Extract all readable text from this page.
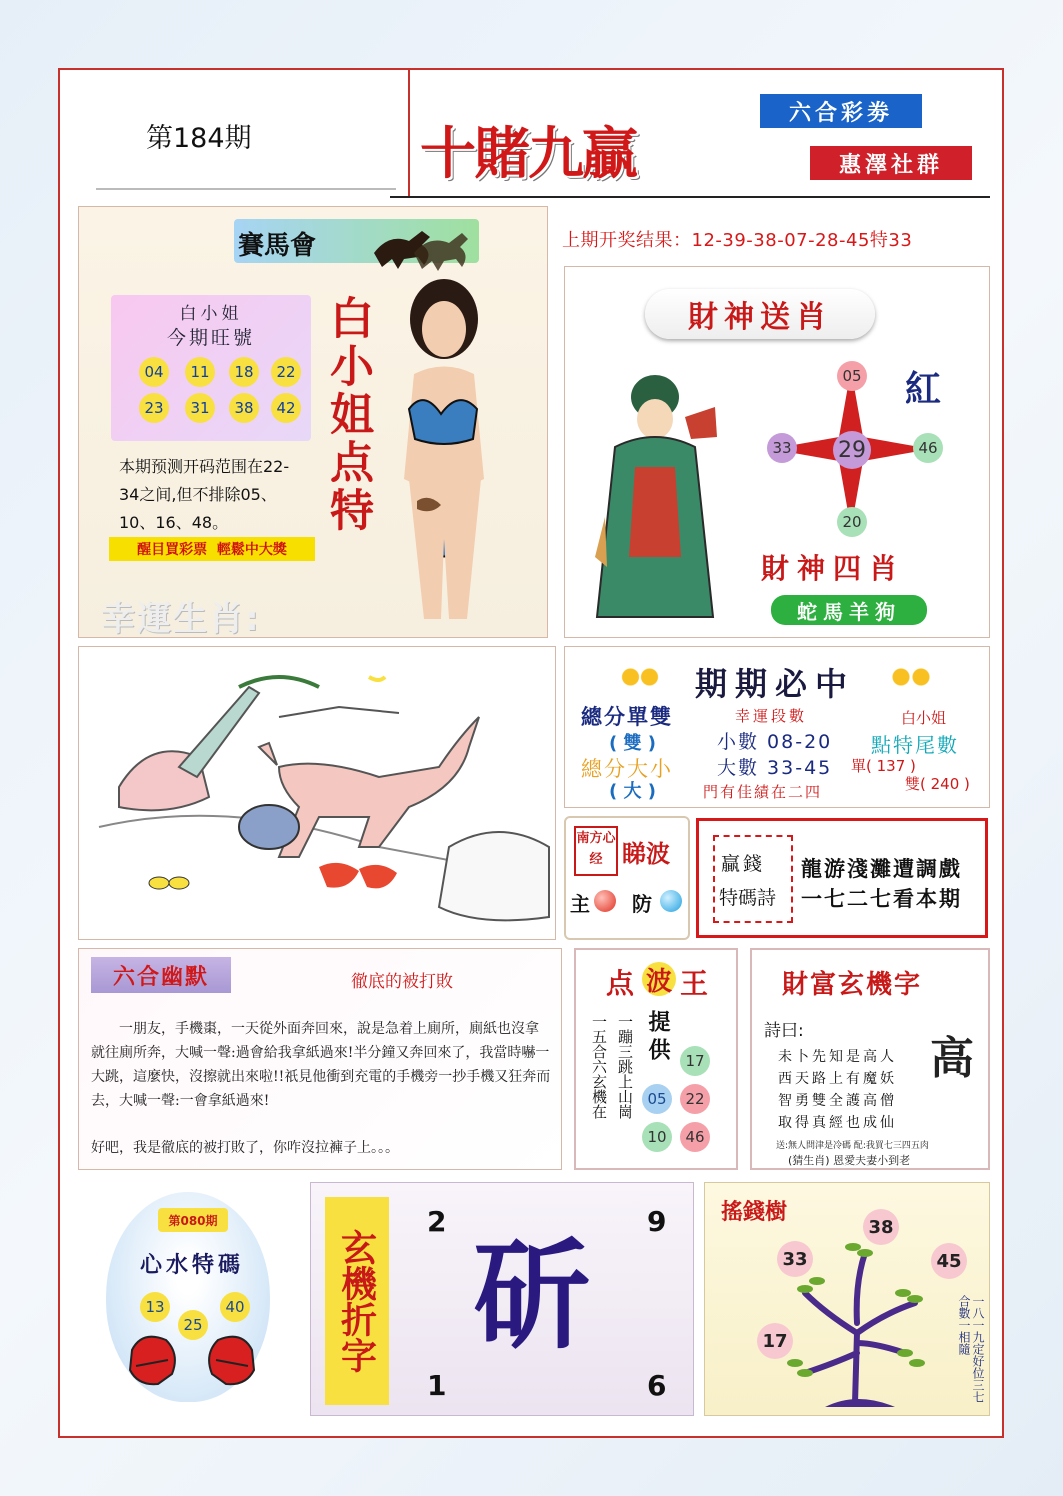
第184期	十賭九贏
六合彩劵
惠澤社群
賽馬會
白小姐
今期旺號
04	11	18	22
23	31	38	42
本期预测开码范围在22-34之间,但不排除05、10、16、48。
醒目買彩票  輕鬆中大獎
幸運生肖:
白小姐点特
上期开奖结果：12-39-38-07-28-45特33
財神送肖
29
05
33	46
20
紅
財神四肖
蛇馬羊狗
期期必中
總分單雙	幸運段數	白小姐
( 雙 )	小數 08-20 點特尾數
總分大小 大數 33-45 單( 137 )
( 大 )	門有佳績在二四	雙( 240 )
南方心经 睇波
主 防
贏錢
特碼詩
龍游淺灘遭調戲
一七二七看本期
六合幽默	徹底的被打敗
一朋友，手機棗，一天從外面奔回來，說是急着上廁所，廁紙也沒拿就往廁所奔，大喊一聲:過會給我拿紙過來!半分鐘又奔回來了，我當時嚇一大跳，這麼快，沒擦就出來啦!!祇見他衝到充電的手機旁一抄手機又狂奔而去，大喊一聲:一會拿紙過來!
好吧，我是徹底的被打敗了，你咋沒拉褲子上。。。
点 波 王
一蹦三跳上山崗
一五合六玄機在 提供	17
05	22
10	46
財富玄機字
詩曰:
未卜先知是高人
西天路上有魔妖
智勇雙全護高僧
取得真經也成仙
高
送:無人問津是冷碼 配:我買七三四五肉
(猜生肖) 恩愛夫妻小到老
第080期
心水特碼
13
25
40	玄機折字
2	9
1	6
斫
搖錢樹
38
33	45
17	一八一九定好位三七合數一相隨
